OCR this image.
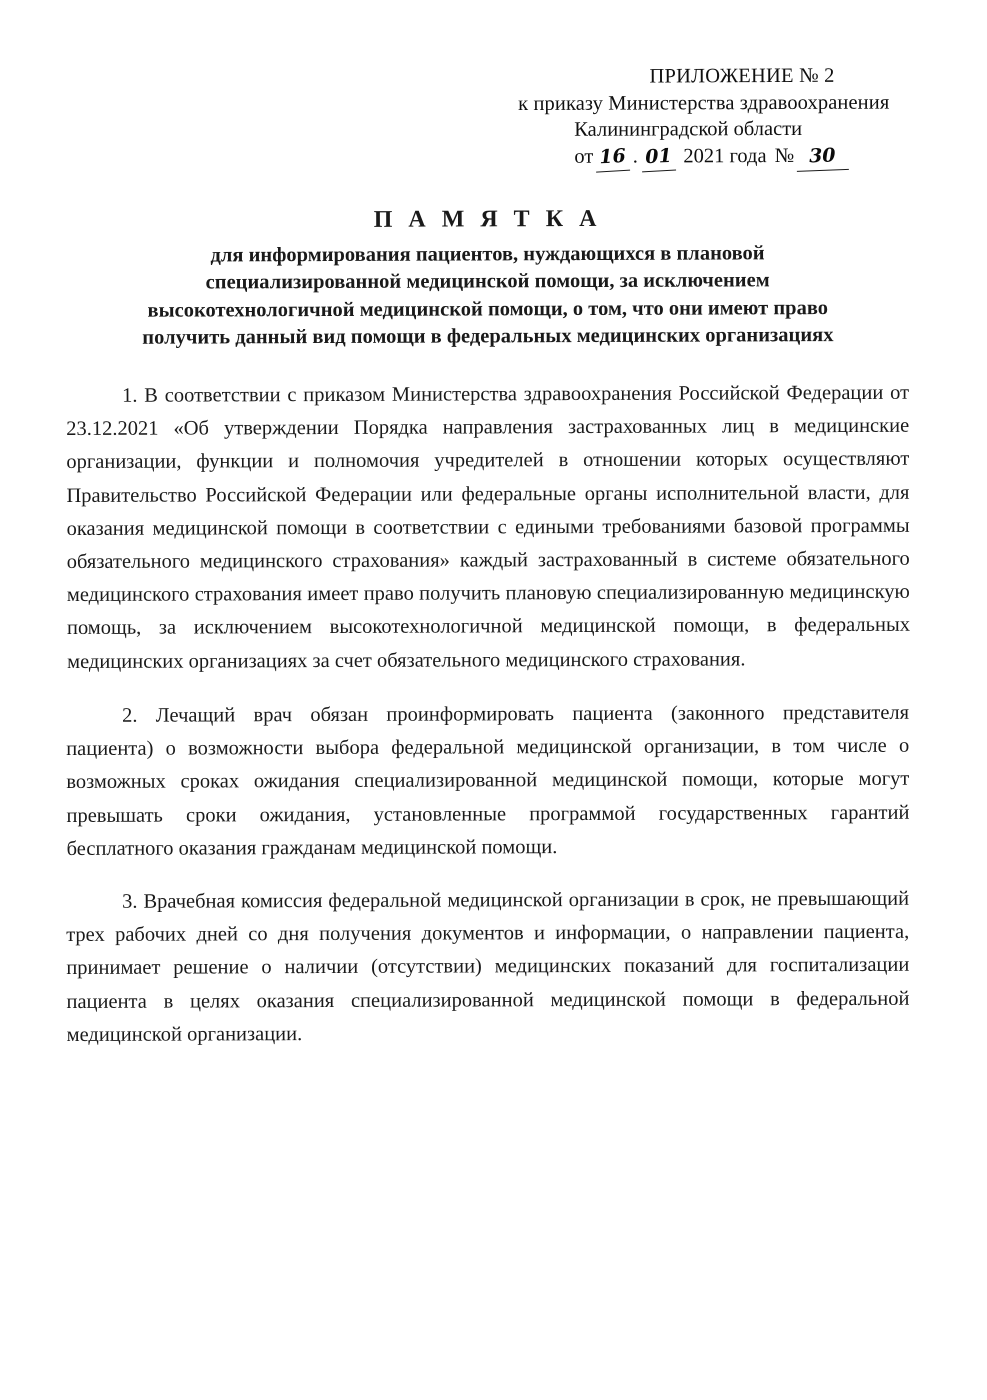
ПРИЛОЖЕНИЕ № 2
к приказу Министерства здравоохранения
Калининградской области
от 16 . 01 2021 года № 30
П А М Я Т К А
для информирования пациентов, нуждающихся в плановой
специализированной медицинской помощи, за исключением
высокотехнологичной медицинской помощи, о том, что они имеют право
получить данный вид помощи в федеральных медицинских организациях

1. В соответствии с приказом Министерства здравоохранения Российской Федерации от 23.12.2021 «Об утверждении Порядка направления застрахованных лиц в медицинские организации, функции и полномочия учредителей в отношении которых осуществляют Правительство Российской Федерации или федеральные органы исполнительной власти, для оказания медицинской помощи в соответствии с едиными требованиями базовой программы обязательного медицинского страхования» каждый застрахованный в системе обязательного медицинского страхования имеет право получить плановую специализированную медицинскую помощь, за исключением высокотехнологичной медицинской помощи, в федеральных медицинских организациях за счет обязательного медицинского страхования.

2. Лечащий врач обязан проинформировать пациента (законного представителя пациента) о возможности выбора федеральной медицинской организации, в том числе о возможных сроках ожидания специализированной медицинской помощи, которые могут превышать сроки ожидания, установленные программой государственных гарантий бесплатного оказания гражданам медицинской помощи.

3. Врачебная комиссия федеральной медицинской организации в срок, не превышающий трех рабочих дней со дня получения документов и информации, о направлении пациента, принимает решение о наличии (отсутствии) медицинских показаний для госпитализации пациента в целях оказания специализированной медицинской помощи в федеральной медицинской организации.
